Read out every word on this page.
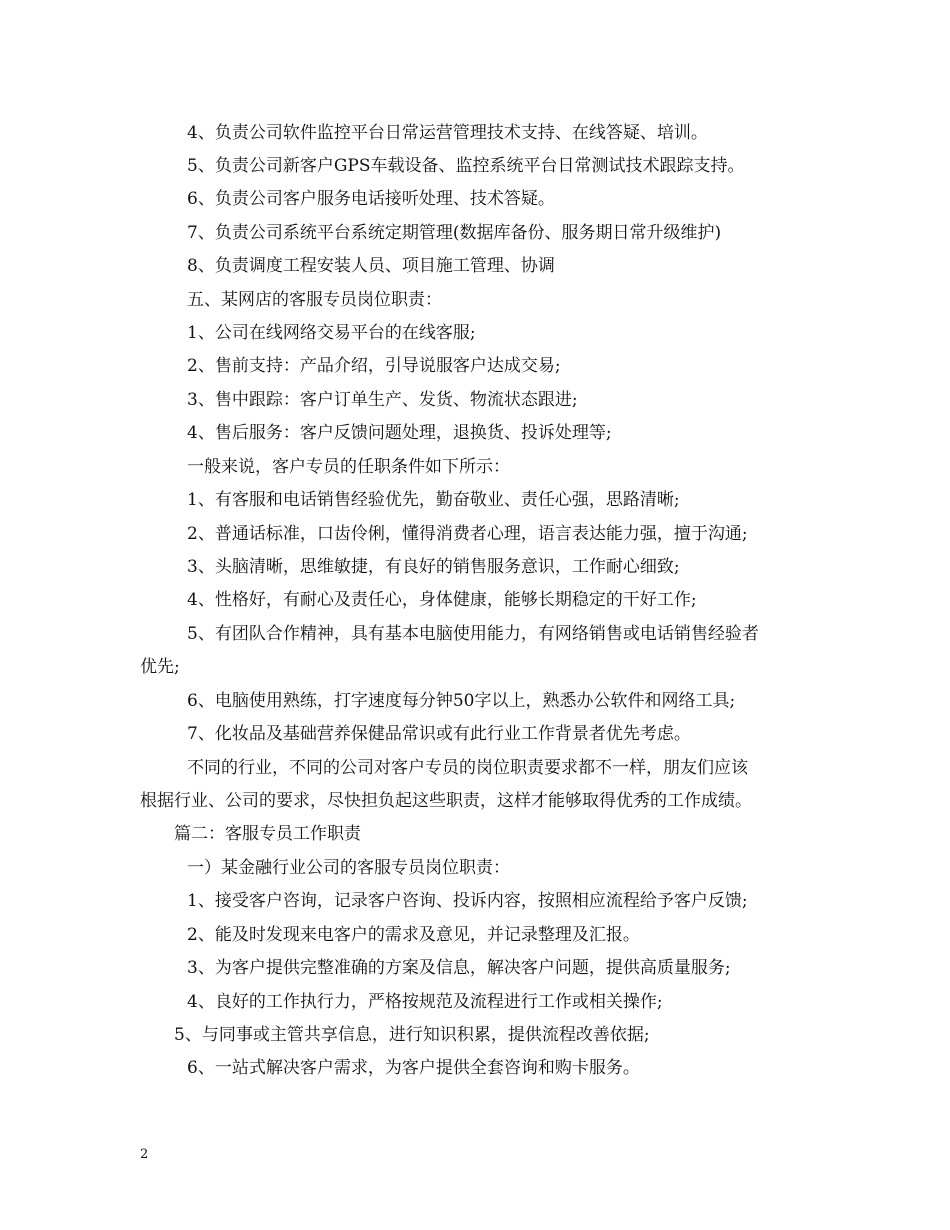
4、负责公司软件监控平台日常运营管理技术支持、在线答疑、培训。
5、负责公司新客户GPS车载设备、监控系统平台日常测试技术跟踪支持。
6、负责公司客户服务电话接听处理、技术答疑。
7、负责公司系统平台系统定期管理(数据库备份、服务期日常升级维护)
8、负责调度工程安装人员、项目施工管理、协调
五、某网店的客服专员岗位职责：
1、公司在线网络交易平台的在线客服;
2、售前支持：产品介绍，引导说服客户达成交易;
3、售中跟踪：客户订单生产、发货、物流状态跟进;
4、售后服务：客户反馈问题处理，退换货、投诉处理等;
一般来说，客户专员的任职条件如下所示：
1、有客服和电话销售经验优先，勤奋敬业、责任心强，思路清晰;
2、普通话标准，口齿伶俐，懂得消费者心理，语言表达能力强，擅于沟通;
3、头脑清晰，思维敏捷，有良好的销售服务意识，工作耐心细致;
4、性格好，有耐心及责任心，身体健康，能够长期稳定的干好工作;
5、有团队合作精神，具有基本电脑使用能力，有网络销售或电话销售经验者
优先;
6、电脑使用熟练，打字速度每分钟50字以上，熟悉办公软件和网络工具;
7、化妆品及基础营养保健品常识或有此行业工作背景者优先考虑。
不同的行业，不同的公司对客户专员的岗位职责要求都不一样，朋友们应该
根据行业、公司的要求，尽快担负起这些职责，这样才能够取得优秀的工作成绩。
篇二：客服专员工作职责
一）某金融行业公司的客服专员岗位职责：
1、接受客户咨询，记录客户咨询、投诉内容，按照相应流程给予客户反馈;
2、能及时发现来电客户的需求及意见，并记录整理及汇报。
3、为客户提供完整准确的方案及信息，解决客户问题，提供高质量服务;
4、良好的工作执行力，严格按规范及流程进行工作或相关操作;
5、与同事或主管共享信息，进行知识积累，提供流程改善依据;
6、一站式解决客户需求，为客户提供全套咨询和购卡服务。
2
